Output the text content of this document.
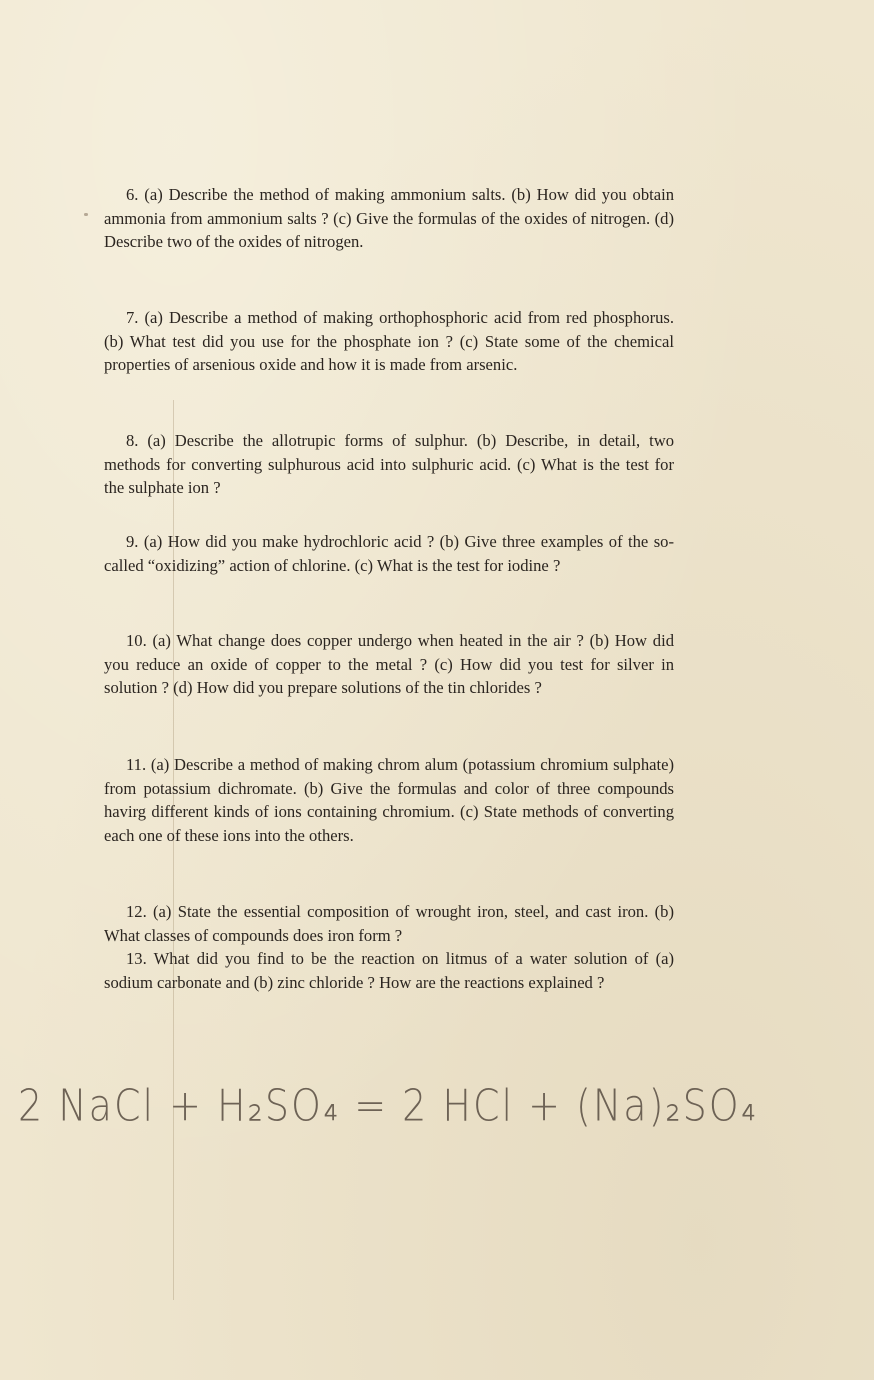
6. (a) Describe the method of making ammonium salts. (b) How did you obtain ammonia from ammonium salts ? (c) Give the formulas of the oxides of nitrogen. (d) Describe two of the oxides of nitrogen.

7. (a) Describe a method of making orthophosphoric acid from red phosphorus. (b) What test did you use for the phosphate ion ? (c) State some of the chemical properties of arsenious oxide and how it is made from arsenic.

8. (a) Describe the allotrupic forms of sulphur. (b) Describe, in detail, two methods for converting sulphurous acid into sulphuric acid. (c) What is the test for the sulphate ion ?

9. (a) How did you make hydrochloric acid ? (b) Give three examples of the so-called “oxidizing” action of chlorine. (c) What is the test for iodine ?

10. (a) What change does copper undergo when heated in the air ? (b) How did you reduce an oxide of copper to the metal ? (c) How did you test for silver in solution ? (d) How did you prepare solutions of the tin chlorides ?

11. (a) Describe a method of making chrom alum (potassium chromium sulphate) from potassium dichromate. (b) Give the formulas and color of three compounds havirg different kinds of ions containing chromium. (c) State methods of converting each one of these ions into the others.

12. (a) State the essential composition of wrought iron, steel, and cast iron. (b) What classes of compounds does iron form ?

13. What did you find to be the reaction on litmus of a water solution of (a) sodium carbonate and (b) zinc chloride ? How are the reactions explained ?

2 NaCl + H₂SO₄ = 2 HCl + (Na)₂SO₄
